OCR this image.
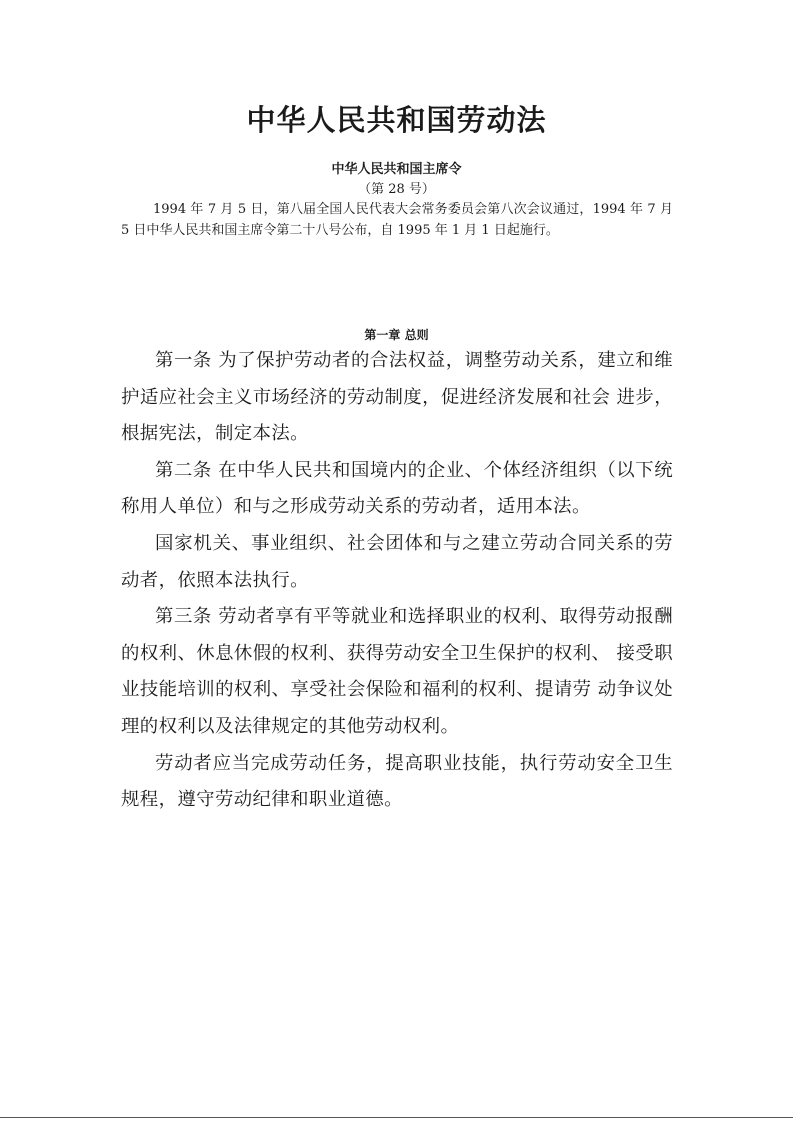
中华人民共和国劳动法

中华人民共和国主席令

（第 28 号）

1994 年 7 月 5 日，第八届全国人民代表大会常务委员会第八次会议通过，1994 年 7 月 5 日中华人民共和国主席令第二十八号公布，自 1995 年 1 月 1 日起施行。

第一章 总则

第一条 为了保护劳动者的合法权益，调整劳动关系，建立和维护适应社会主义市场经济的劳动制度，促进经济发展和社会 进步，根据宪法，制定本法。

第二条 在中华人民共和国境内的企业、个体经济组织（以下统称用人单位）和与之形成劳动关系的劳动者，适用本法。

国家机关、事业组织、社会团体和与之建立劳动合同关系的劳动者，依照本法执行。

第三条 劳动者享有平等就业和选择职业的权利、取得劳动报酬的权利、休息休假的权利、获得劳动安全卫生保护的权利、 接受职业技能培训的权利、享受社会保险和福利的权利、提请劳 动争议处理的权利以及法律规定的其他劳动权利。

劳动者应当完成劳动任务，提高职业技能，执行劳动安全卫生规程，遵守劳动纪律和职业道德。
